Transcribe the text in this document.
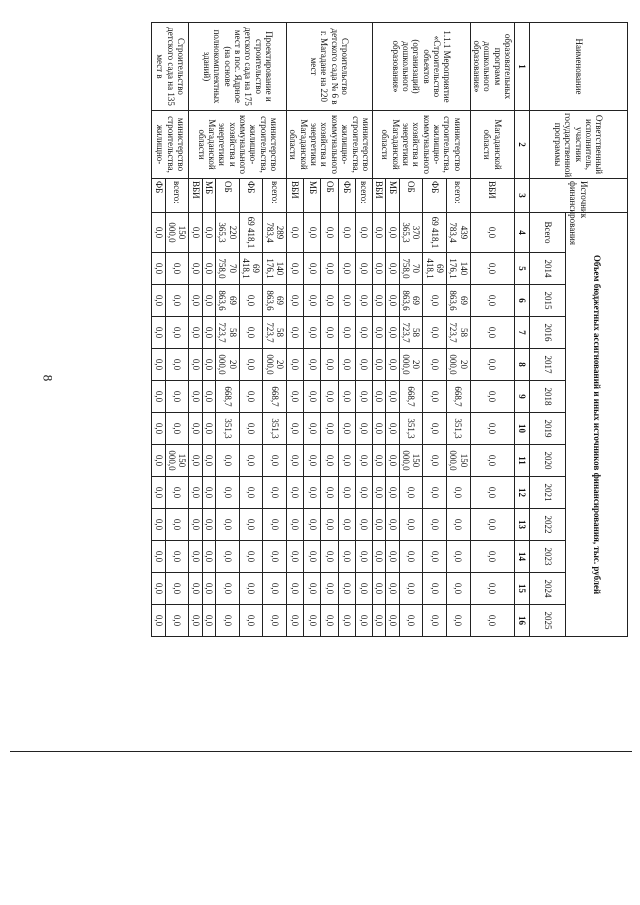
8
Наименование	Ответственный исполнитель, участник государственной программы	Источник финансирования	Объем бюджетных ассигнований и иных источников финансирования, тыс. рублей												
			Всего	2014	2015	2016	2017	2018	2019	2020	2021	2022	2023	2024	2025
1	2	3	4	5	6	7	8	9	10	11	12	13	14	15	16
образовательных программ дошкольного образования»	Магаданской области	ВБИ	0,0	0,0	0,0	0,0	0,0	0,0	0,0	0,0	0,0	0,0	0,0	0,0	0,0
1.1.1 Мероприятие «Строительство объектов (организаций) дошкольного образования»	министерство строительства, жилищно-коммунального хозяйства и энергетики Магаданской области	всего:	439 783,4	140 176,1	69 863,6	58 723,7	20 000,0	668,7	351,3	150 000,0	0,0	0,0	0,0	0,0	0,0
		ФБ	69 418,1	69 418,1	0,0	0,0	0,0	0,0	0,0	0,0	0,0	0,0	0,0	0,0	0,0
		ОБ	370 365,3	70 758,0	69 863,6	58 723,7	20 000,0	668,7	351,3	150 000,0	0,0	0,0	0,0	0,0	0,0
		МБ	0,0	0,0	0,0	0,0	0,0	0,0	0,0	0,0	0,0	0,0	0,0	0,0	0,0
		ВБИ	0,0	0,0	0,0	0,0	0,0	0,0	0,0	0,0	0,0	0,0	0,0	0,0	0,0
Строительство детского сада № 6 в г. Магадане на 220 мест	министерство строительства, жилищно-коммунального хозяйства и энергетики Магаданской области	всего:	0,0	0,0	0,0	0,0	0,0	0,0	0,0	0,0	0,0	0,0	0,0	0,0	0,0
		ФБ	0,0	0,0	0,0	0,0	0,0	0,0	0,0	0,0	0,0	0,0	0,0	0,0	0,0
		ОБ	0,0	0,0	0,0	0,0	0,0	0,0	0,0	0,0	0,0	0,0	0,0	0,0	0,0
		МБ	0,0	0,0	0,0	0,0	0,0	0,0	0,0	0,0	0,0	0,0	0,0	0,0	0,0
		ВБИ	0,0	0,0	0,0	0,0	0,0	0,0	0,0	0,0	0,0	0,0	0,0	0,0	0,0
Проектирование и строительство детского сада на 175 мест в пос. Ядрное (на основе полнокомплектных зданий)	министерство строительства, жилищно-коммунального хозяйства и энергетики Магаданской области	всего:	289 783,4	140 176,1	69 863,6	58 723,7	20 000,0	668,7	351,3	0,0	0,0	0,0	0,0	0,0	0,0
		ФБ	69 418,1	69 418,1	0,0	0,0	0,0	0,0	0,0	0,0	0,0	0,0	0,0	0,0	0,0
		ОБ	220 365,3	70 758,0	69 863,6	58 723,7	20 000,0	668,7	351,3	0,0	0,0	0,0	0,0	0,0	0,0
		МБ	0,0	0,0	0,0	0,0	0,0	0,0	0,0	0,0	0,0	0,0	0,0	0,0	0,0
		ВБИ	0,0	0,0	0,0	0,0	0,0	0,0	0,0	0,0	0,0	0,0	0,0	0,0	0,0
Строительство детского сада на 135 мест в	министерство строительства, жилищно-	всего:	150 000,0	0,0	0,0	0,0	0,0	0,0	0,0	150 000,0	0,0	0,0	0,0	0,0	0,0
		ФБ	0,0	0,0	0,0	0,0	0,0	0,0	0,0	0,0	0,0	0,0	0,0	0,0	0,0
